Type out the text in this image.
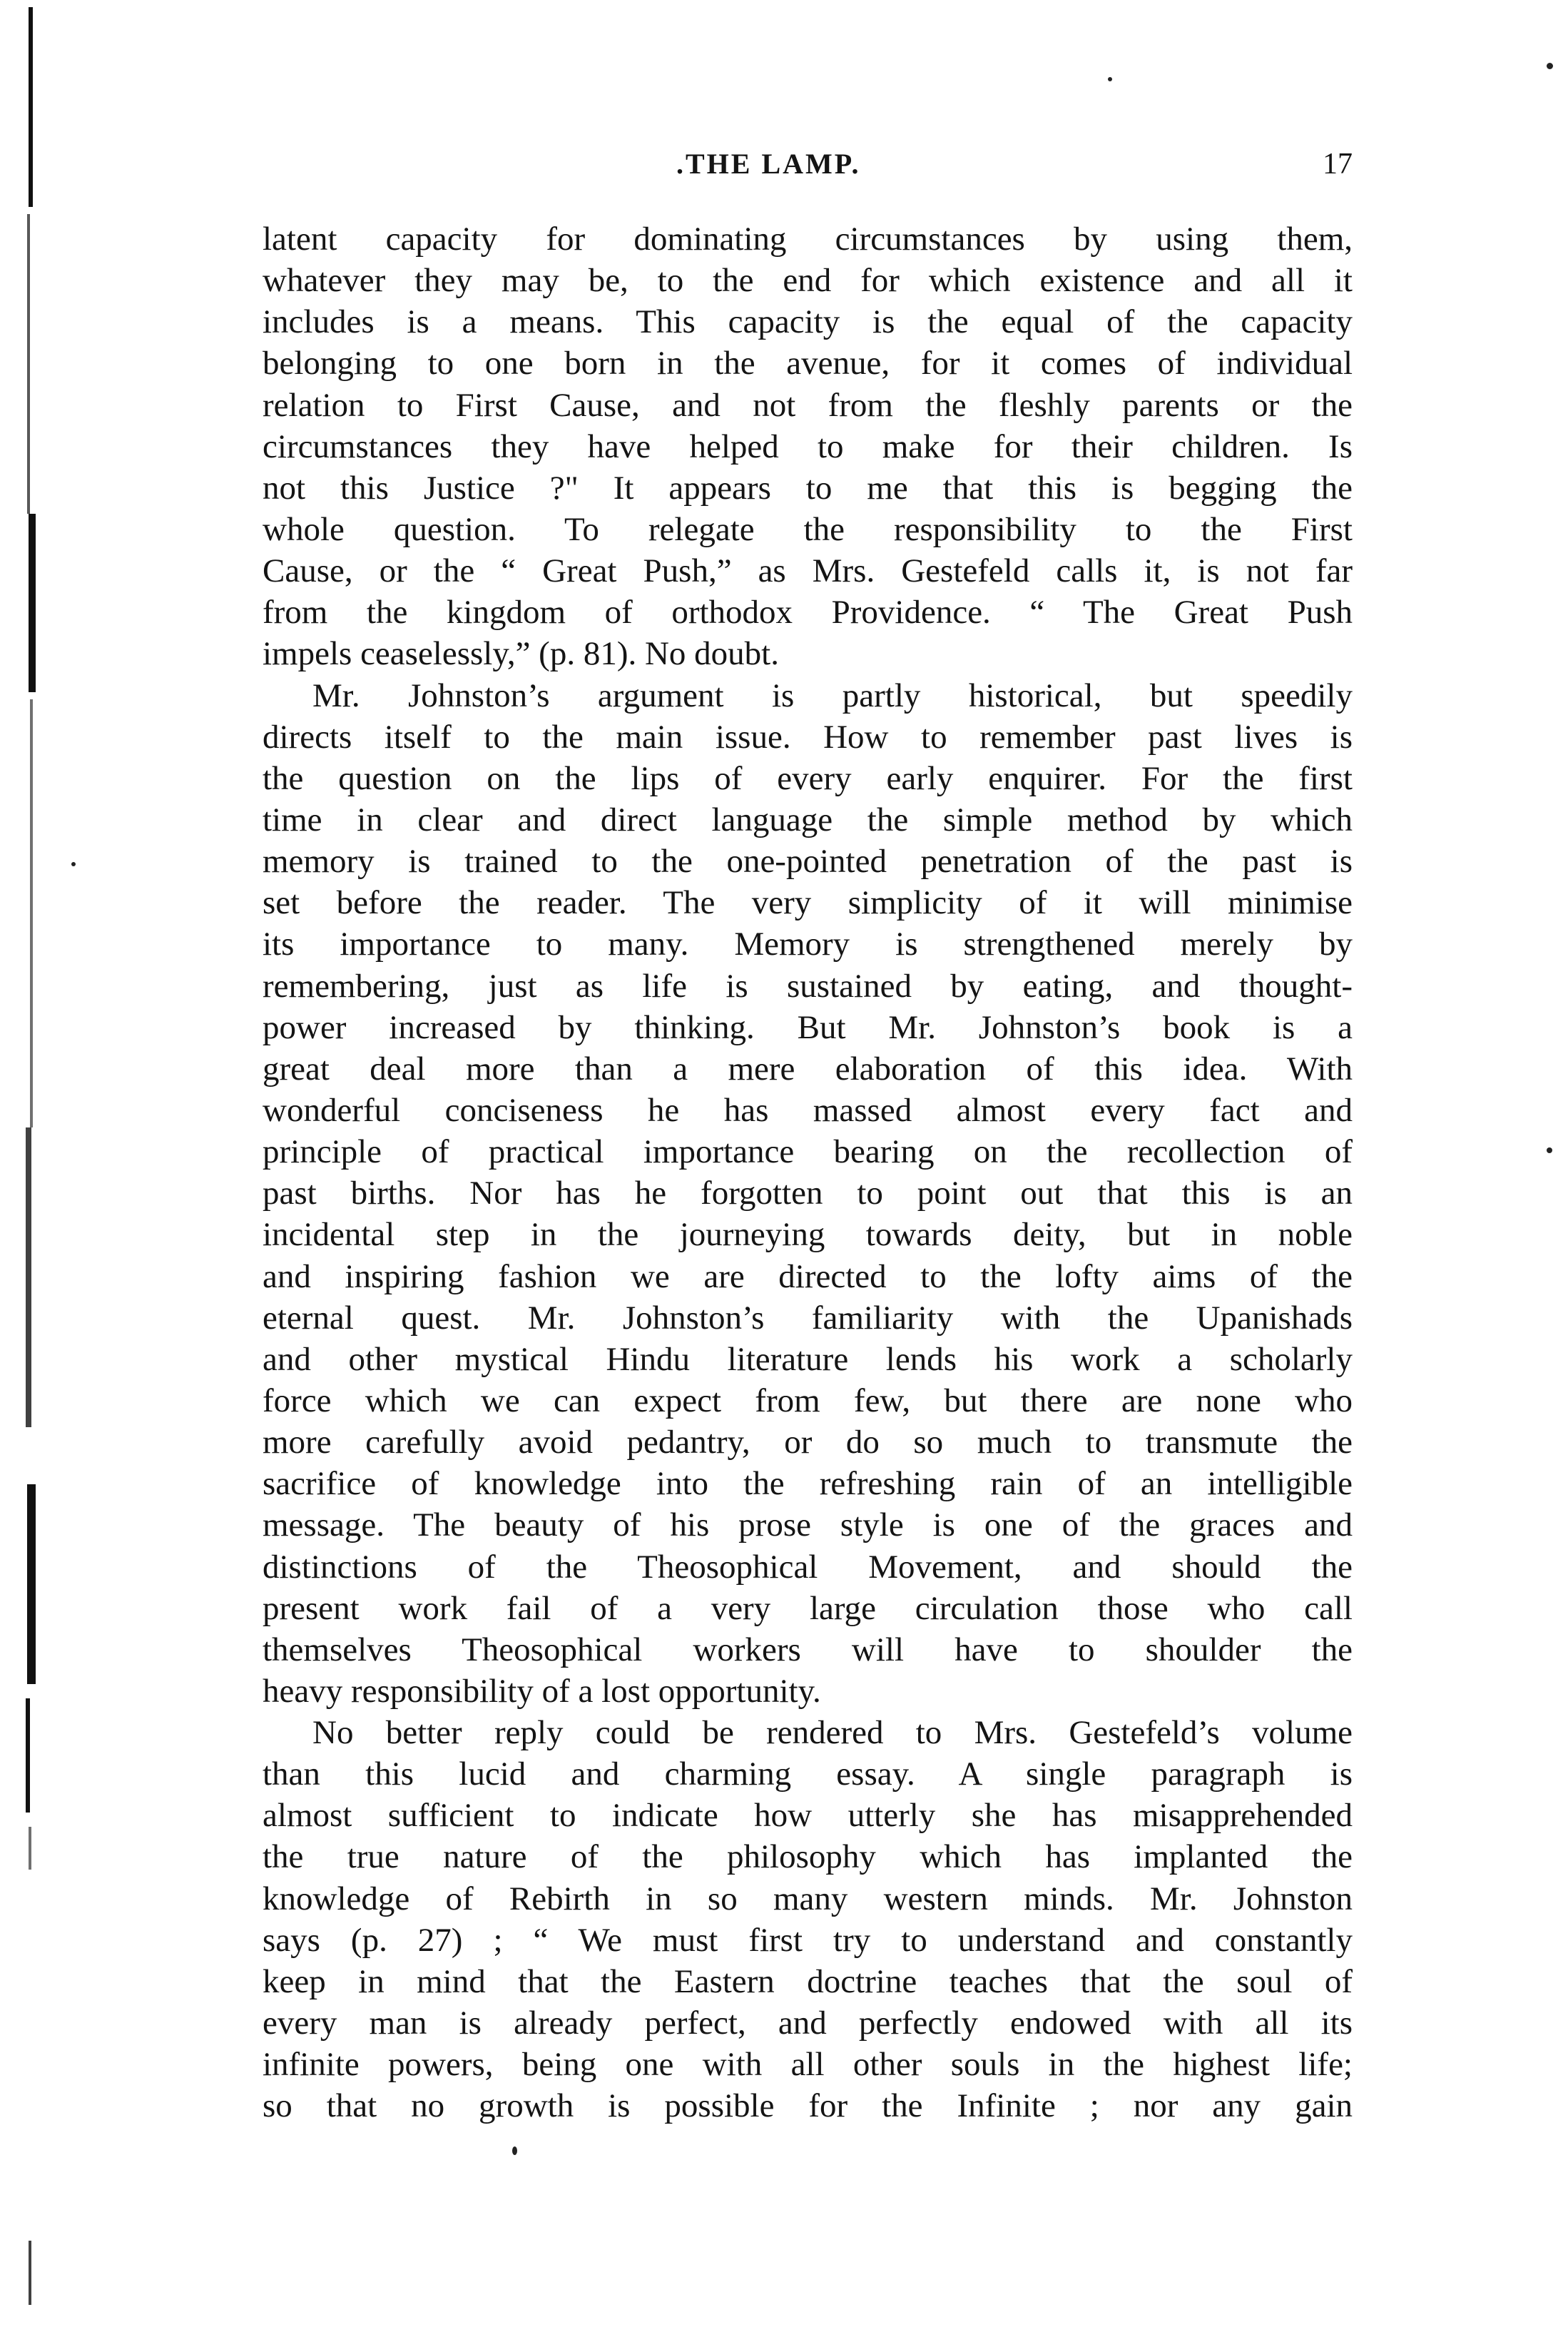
.THE LAMP.	17
latent capacity for dominating circumstances by using them,
whatever they may be, to the end for which existence and all it
includes is a means. This capacity is the equal of the capacity
belonging to one born in the avenue, for it comes of individual
relation to First Cause, and not from the fleshly parents or the
circumstances they have helped to make for their children. Is
not this Justice ?" It appears to me that this is begging the
whole question. To relegate the responsibility to the First
Cause, or the “ Great Push,” as Mrs. Gestefeld calls it, is not far
from the kingdom of orthodox Providence. “ The Great Push
impels ceaselessly,” (p. 81). No doubt.
Mr. Johnston’s argument is partly historical, but speedily
directs itself to the main issue. How to remember past lives is
the question on the lips of every early enquirer. For the first
time in clear and direct language the simple method by which
memory is trained to the one-pointed penetration of the past is
set before the reader. The very simplicity of it will minimise
its importance to many. Memory is strengthened merely by
remembering, just as life is sustained by eating, and thought-
power increased by thinking. But Mr. Johnston’s book is a
great deal more than a mere elaboration of this idea. With
wonderful conciseness he has massed almost every fact and
principle of practical importance bearing on the recollection of
past births. Nor has he forgotten to point out that this is an
incidental step in the journeying towards deity, but in noble
and inspiring fashion we are directed to the lofty aims of the
eternal quest. Mr. Johnston’s familiarity with the Upanishads
and other mystical Hindu literature lends his work a scholarly
force which we can expect from few, but there are none who
more carefully avoid pedantry, or do so much to transmute the
sacrifice of knowledge into the refreshing rain of an intelligible
message. The beauty of his prose style is one of the graces and
distinctions of the Theosophical Movement, and should the
present work fail of a very large circulation those who call
themselves Theosophical workers will have to shoulder the
heavy responsibility of a lost opportunity.
No better reply could be rendered to Mrs. Gestefeld’s volume
than this lucid and charming essay. A single paragraph is
almost sufficient to indicate how utterly she has misapprehended
the true nature of the philosophy which has implanted the
knowledge of Rebirth in so many western minds. Mr. Johnston
says (p. 27) ; “ We must first try to understand and constantly
keep in mind that the Eastern doctrine teaches that the soul of
every man is already perfect, and perfectly endowed with all its
infinite powers, being one with all other souls in the highest life;
so that no growth is possible for the Infinite ; nor any gain
